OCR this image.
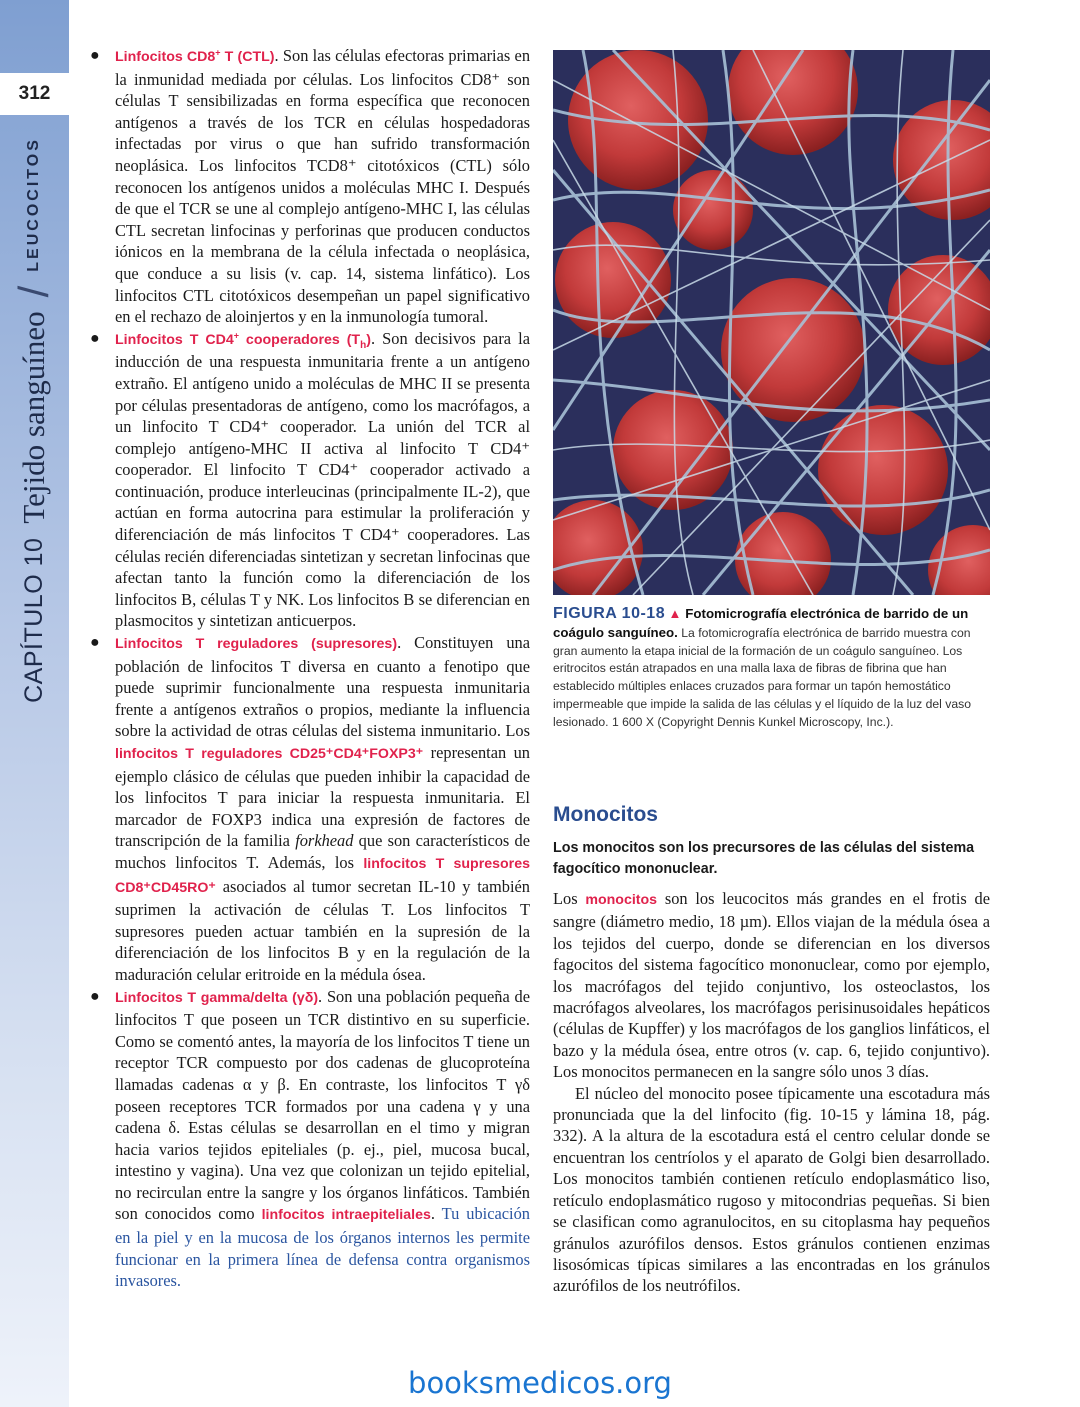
312
CAPÍTULO 10
Tejido sanguíneo
/
LEUCOCITOS
● Linfocitos CD8+ T (CTL). Son las células efectoras primarias en la inmunidad mediada por células. Los linfocitos CD8⁺ son células T sensibilizadas en forma específica que reconocen antígenos a través de los TCR en células hospedadoras infectadas por virus o que han sufrido transformación neoplásica. Los linfocitos TCD8⁺ citotóxicos (CTL) sólo reconocen los antígenos unidos a moléculas MHC I. Después de que el TCR se une al complejo antígeno-MHC I, las células CTL secretan linfocinas y perforinas que producen conductos iónicos en la membrana de la célula infectada o neoplásica, que conduce a su lisis (v. cap. 14, sistema linfático). Los linfocitos CTL citotóxicos desempeñan un papel significativo en el rechazo de aloinjertos y en la inmunología tumoral.
● Linfocitos T CD4+ cooperadores $(T_h)$. Son decisivos para la inducción de una respuesta inmunitaria frente a un antígeno extraño. El antígeno unido a moléculas de MHC II se presenta por células presentadoras de antígeno, como los macrófagos, a un linfocito T CD4⁺ cooperador. La unión del TCR al complejo antígeno-MHC II activa al linfocito T CD4⁺ cooperador. El linfocito T CD4⁺ cooperador activado a continuación, produce interleucinas (principalmente IL-2), que actúan en forma autocrina para estimular la proliferación y diferenciación de más linfocitos T CD4⁺ cooperadores. Las células recién diferenciadas sintetizan y secretan linfocinas que afectan tanto la función como la diferenciación de los linfocitos B, células T y NK. Los linfocitos B se diferencian en plasmocitos y sintetizan anticuerpos.
● Linfocitos T reguladores (supresores). Constituyen una población de linfocitos T diversa en cuanto a fenotipo que puede suprimir funcionalmente una respuesta inmunitaria frente a antígenos extraños o propios, mediante la influencia sobre la actividad de otras células del sistema inmunitario. Los linfocitos T reguladores CD25⁺CD4⁺FOXP3⁺ representan un ejemplo clásico de células que pueden inhibir la capacidad de los linfocitos T para iniciar la respuesta inmunitaria. El marcador de FOXP3 indica una expresión de factores de transcripción de la familia forkhead que son característicos de muchos linfocitos T. Además, los linfocitos T supresores CD8⁺CD45RO⁺ asociados al tumor secretan IL-10 y también suprimen la activación de células T. Los linfocitos T supresores pueden actuar también en la supresión de la diferenciación de los linfocitos B y en la regulación de la maduración celular eritroide en la médula ósea.
● Linfocitos T gamma/delta (γδ). Son una población pequeña de linfocitos T que poseen un TCR distintivo en su superficie. Como se comentó antes, la mayoría de los linfocitos T tiene un receptor TCR compuesto por dos cadenas de glucoproteína llamadas cadenas α y β. En contraste, los linfocitos T γδ poseen receptores TCR formados por una cadena γ y una cadena δ. Estas células se desarrollan en el timo y migran hacia varios tejidos epiteliales (p. ej., piel, mucosa bucal, intestino y vagina). Una vez que colonizan un tejido epitelial, no recirculan entre la sangre y los órganos linfáticos. También son conocidos como linfocitos intraepiteliales. Tu ubicación en la piel y en la mucosa de los órganos internos les permite funcionar en la primera línea de defensa contra organismos invasores.
FIGURA 10-18 ▲ Fotomicrografía electrónica de barrido de un coágulo sanguíneo. La fotomicrografía electrónica de barrido muestra con gran aumento la etapa inicial de la formación de un coágulo sanguíneo. Los eritrocitos están atrapados en una malla laxa de fibras de fibrina que han establecido múltiples enlaces cruzados para formar un tapón hemostático impermeable que impide la salida de las células y el líquido de la luz del vaso lesionado. 1 600 X (Copyright Dennis Kunkel Microscopy, Inc.).
Monocitos
Los monocitos son los precursores de las células del sistema fagocítico mononuclear.

Los monocitos son los leucocitos más grandes en el frotis de sangre (diámetro medio, 18 µm). Ellos viajan de la médula ósea a los tejidos del cuerpo, donde se diferencian en los diversos fagocitos del sistema fagocítico mononuclear, como por ejemplo, los macrófagos del tejido conjuntivo, los osteoclastos, los macrófagos alveolares, los macrófagos perisinusoidales hepáticos (células de Kupffer) y los macrófagos de los ganglios linfáticos, el bazo y la médula ósea, entre otros (v. cap. 6, tejido conjuntivo). Los monocitos permanecen en la sangre sólo unos 3 días.

El núcleo del monocito posee típicamente una escotadura más pronunciada que la del linfocito (fig. 10-15 y lámina 18, pág. 332). A la altura de la escotadura está el centro celular donde se encuentran los centríolos y el aparato de Golgi bien desarrollado. Los monocitos también contienen retículo endoplasmático liso, retículo endoplasmático rugoso y mitocondrias pequeñas. Si bien se clasifican como agranulocitos, en su citoplasma hay pequeños gránulos azurófilos densos. Estos gránulos contienen enzimas lisosómicas típicas similares a las encontradas en los gránulos azurófilos de los neutrófilos.

booksmedicos.org
